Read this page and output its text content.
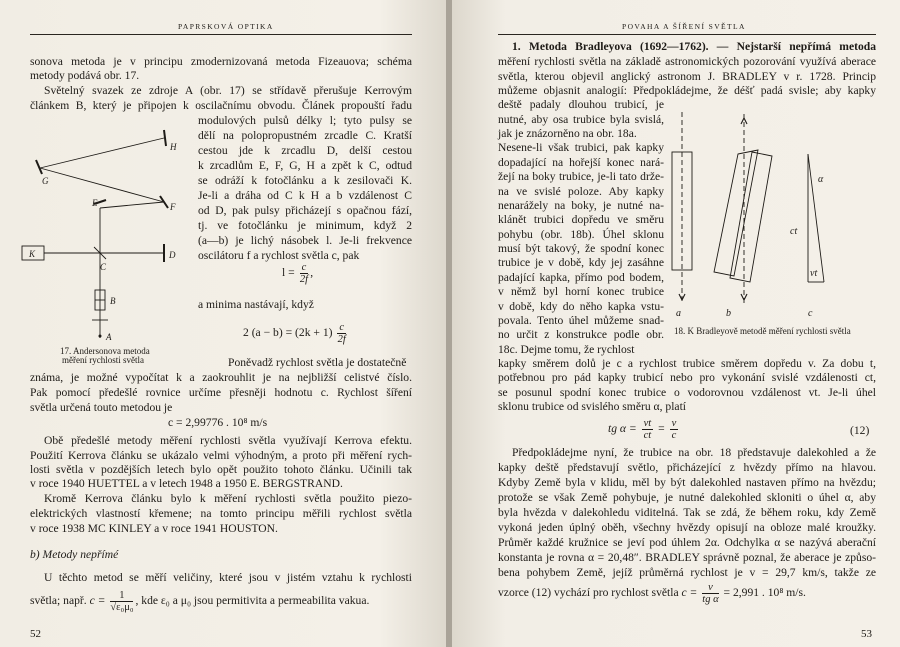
PAPRSKOVÁ OPTIKA
sonova metoda je v principu zmodernizovaná metoda Fizeauova; schéma
metody podává obr. 17.
Světelný svazek ze zdroje A (obr. 17) se střídavě přerušuje Kerrovým
článkem B, který je připojen k oscilačnímu obvodu. Článek propouští řadu
modulových pulsů délky l; tyto pulsy se
dělí na polopropustném zrcadle C. Kratší
cestou jde k zrcadlu D, delší cestou
k zrcadlům E, F, G, H a zpět k C, odtud
se odráží k fotočlánku a k zesilovači K.
Je-li a dráha od C k H a b vzdálenost C
od D, pak pulsy přicházejí s opačnou fází,
tj. ve fotočlánku je minimum, když 2
(a—b) je lichý násobek l. Je-li frekvence
oscilátoru f a rychlost světla c, pak
$l = \frac{c}{2f}$ ,
a minima nastávají, když
2 $(a - b) = (2k + 1) \frac{c}{2f}$
H
G
E	F
K
C
D
B
A
17. Andersonova metoda
měření rychlosti světla	Poněvadž rychlost světla je dostatečně
známa, je možné vypočítat k a zaokrouhlit je na nejbližší celistvé číslo.
Pak pomocí předešlé rovnice určíme přesněji hodnotu c. Rychlost šíření
světla určená touto metodou je
c = 2,99776 . 10⁸ m/s
Obě předešlé metody měření rychlosti světla využívají Kerrova efektu.
Použití Kerrova článku se ukázalo velmi výhodným, a proto při měření rych-
losti světla v pozdějších letech bylo opět použito tohoto článku. Učinili tak
v roce 1940 HUETTEL a v letech 1948 a 1950 E. BERGSTRAND.
Kromě Kerrova článku bylo k měření rychlosti světla použito piezo-
elektrických vlastností křemene; na tomto principu měřili rychlost světla
v roce 1938 MC KINLEY a v roce 1941 HOUSTON.
b) Metody nepřímé
U těchto metod se měří veličiny, které jsou v jistém vztahu k rychlosti
světla; např. $c = \frac{1}{\text{√ε₀μ₀}}$ , kde ε₀ a μ₀ jsou permitivita a permeabilita vakua.
52
POVAHA A ŠÍŘENÍ SVĚTLA
1. Metoda Bradleyova (1692—1762). — Nejstarší nepřímá metoda
měření rychlosti světla na základě astronomických pozorování využívá aberace
světla, kterou objevil anglický astronom J. BRADLEY v r. 1728. Princip
můžeme objasnit analogií: Předpokládejme, že déšť padá svisle; aby kapky
deště padaly dlouhou trubicí, je
nutné, aby osa trubice byla svislá,
jak je znázorněno na obr. 18a.
Nesene-li však trubici, pak kapky
dopadající na hořejší konec nará-
žejí na boky trubice, je-li tato drže-
na ve svislé poloze. Aby kapky
nenarážely na boky, je nutné na-
klánět trubici dopředu ve směru
pohybu (obr. 18b). Úhel sklonu
musí být takový, že spodní konec
trubice je v době, kdy jej zasáhne
padající kapka, přímo pod bodem,
v němž byl horní konec trubice
v době, kdy do něho kapka vstu-
povala. Tento úhel můžeme snad-
no určit z konstrukce podle obr.
18c. Dejme tomu, že rychlost
a	b	c
α
ct
vt
18. K Bradleyově metodě měření rychlosti světla
kapky směrem dolů je c a rychlost trubice směrem dopředu v. Za dobu t,
potřebnou pro pád kapky trubicí nebo pro vykonání svislé vzdálenosti ct,
se posunul spodní konec trubice o vodorovnou vzdálenost vt. Je-li úhel
sklonu trubice od svislého směru α, platí
tg $\alpha = \frac{vt}{ct} = \frac{v}{c}$	(12)
Předpokládejme nyní, že trubice na obr. 18 představuje dalekohled a že
kapky deště představují světlo, přicházející z hvězdy přímo na hlavou.
Kdyby Země byla v klidu, měl by být dalekohled nastaven přímo na hvězdu;
protože se však Země pohybuje, je nutné dalekohled skloniti o úhel α, aby
byla hvězda v dalekohledu viditelná. Tak se zdá, že během roku, kdy Země
vykoná jeden úplný oběh, všechny hvězdy opisují na obloze malé kroužky.
Průměr každé kružnice se jeví pod úhlem 2α. Odchylka α se nazývá aberační
konstanta je rovna α = 20,48″. BRADLEY správně poznal, že aberace je způso-
bena pohybem Země, jejíž průměrná rychlost je v = 29,7 km/s, takže ze
vzorce (12) vychází pro rychlost světla $c = \frac{v}{\text{tg α}} = 2,991$ . 10⁸ m/s.
53
